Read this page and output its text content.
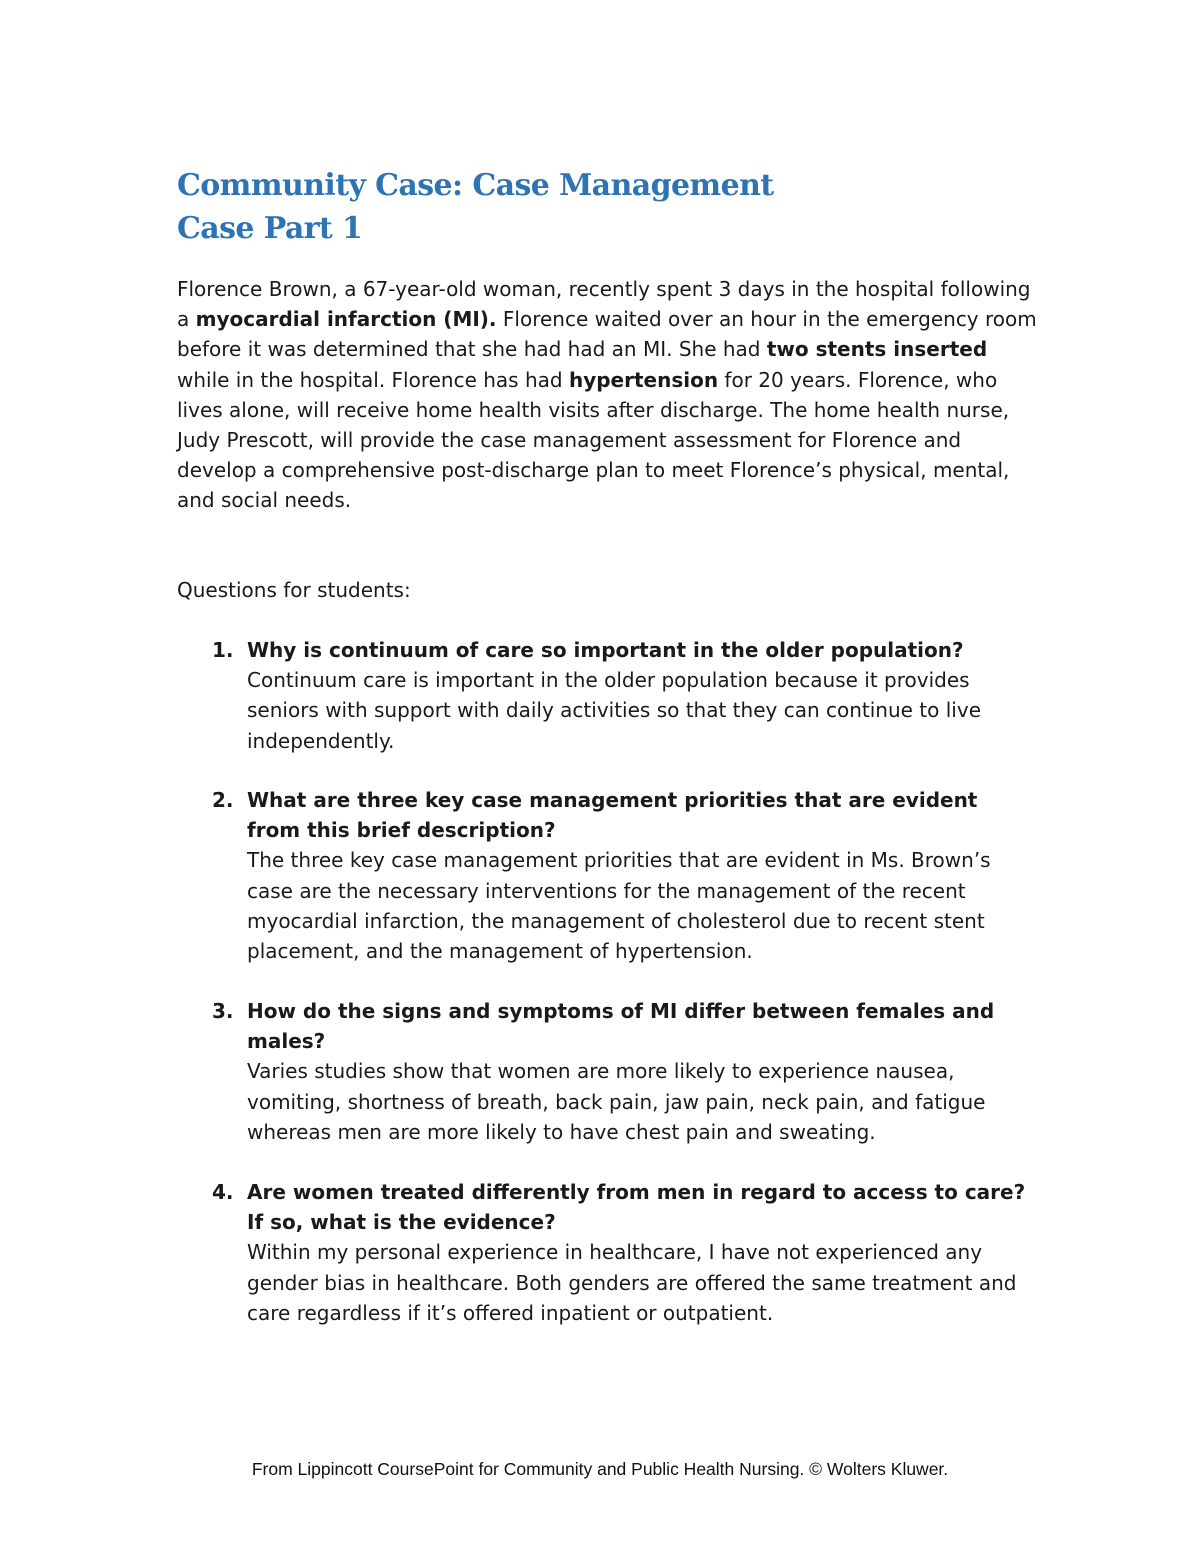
Community Case: Case Management
Case Part 1

Florence Brown, a 67-year-old woman, recently spent 3 days in the hospital following a myocardial infarction (MI). Florence waited over an hour in the emergency room before it was determined that she had had an MI. She had two stents inserted while in the hospital. Florence has had hypertension for 20 years. Florence, who lives alone, will receive home health visits after discharge. The home health nurse, Judy Prescott, will provide the case management assessment for Florence and develop a comprehensive post-discharge plan to meet Florence’s physical, mental, and social needs.

Questions for students:

1. Why is continuum of care so important in the older population?
Continuum care is important in the older population because it provides seniors with support with daily activities so that they can continue to live independently.
2. What are three key case management priorities that are evident from this brief description?
The three key case management priorities that are evident in Ms. Brown’s case are the necessary interventions for the management of the recent myocardial infarction, the management of cholesterol due to recent stent placement, and the management of hypertension.
3. How do the signs and symptoms of MI differ between females and males?
Varies studies show that women are more likely to experience nausea, vomiting, shortness of breath, back pain, jaw pain, neck pain, and fatigue whereas men are more likely to have chest pain and sweating.
4. Are women treated differently from men in regard to access to care? If so, what is the evidence?
Within my personal experience in healthcare, I have not experienced any gender bias in healthcare. Both genders are offered the same treatment and care regardless if it’s offered inpatient or outpatient.
From Lippincott CoursePoint for Community and Public Health Nursing. © Wolters Kluwer.
